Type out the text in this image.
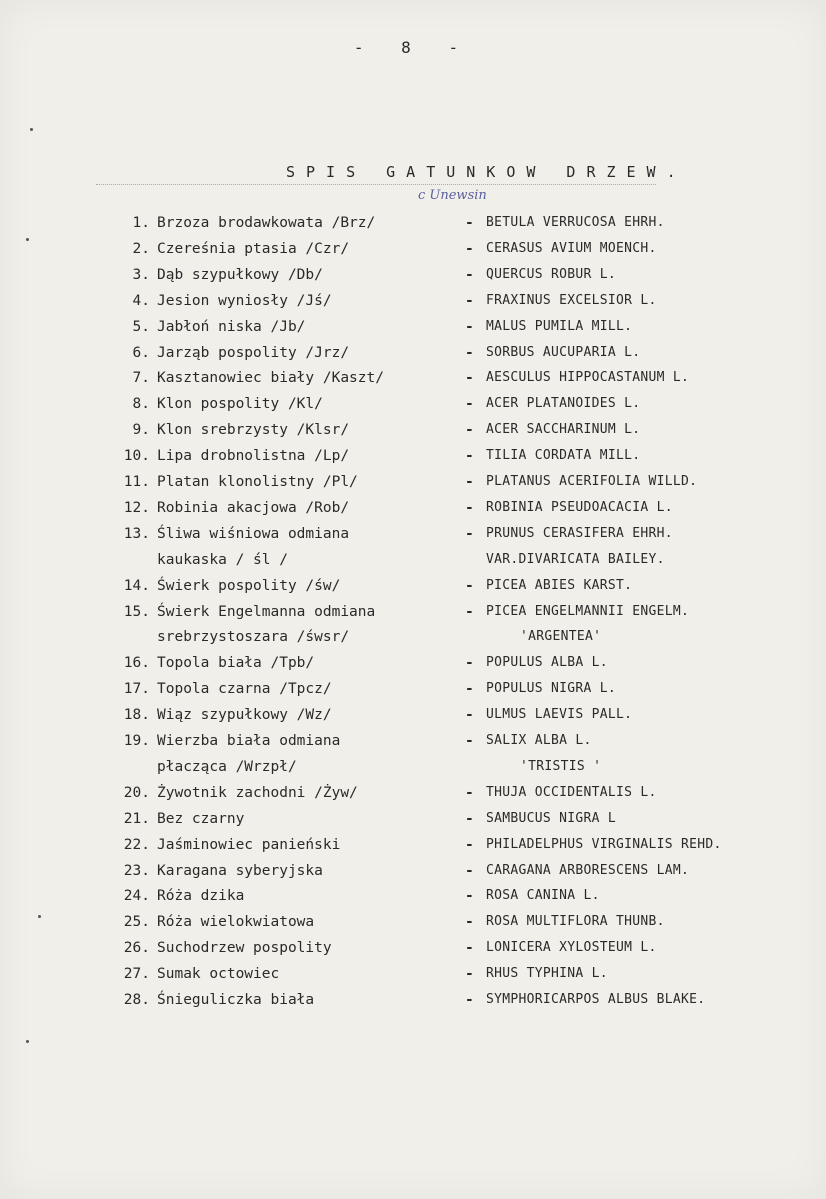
- 8 -
SPIS GATUNKOW DRZEW.
c Unewsin
1. Brzoza brodawkowata /Brz/	- BETULA VERRUCOSA EHRH.
2. Czereśnia ptasia /Czr/	- CERASUS AVIUM MOENCH.
3. Dąb szypułkowy /Db/	- QUERCUS ROBUR L.
4. Jesion wyniosły /Jś/	- FRAXINUS EXCELSIOR L.
5. Jabłoń niska /Jb/	- MALUS PUMILA MILL.
6. Jarząb pospolity /Jrz/	- SORBUS AUCUPARIA L.
7. Kasztanowiec biały /Kaszt/	- AESCULUS HIPPOCASTANUM L.
8. Klon pospolity /Kl/	- ACER PLATANOIDES L.
9. Klon srebrzysty /Klsr/	- ACER SACCHARINUM L.
10. Lipa drobnolistna /Lp/	- TILIA CORDATA MILL.
11. Platan klonolistny /Pl/	- PLATANUS ACERIFOLIA WILLD.
12. Robinia akacjowa /Rob/	- ROBINIA PSEUDOACACIA L.
13. Śliwa wiśniowa odmiana	- PRUNUS CERASIFERA EHRH.
kaukaska / śl /	VAR.DIVARICATA BAILEY.
14. Świerk pospolity /św/	- PICEA ABIES KARST.
15. Świerk Engelmanna odmiana	- PICEA ENGELMANNII ENGELM.
srebrzystoszara /śwsr/	'ARGENTEA'
16. Topola biała /Tpb/	- POPULUS ALBA L.
17. Topola czarna /Tpcz/	- POPULUS NIGRA L.
18. Wiąz szypułkowy /Wz/	- ULMUS LAEVIS PALL.
19. Wierzba biała odmiana	- SALIX ALBA L.
płacząca /Wrzpł/	'TRISTIS '
20. Żywotnik zachodni /Żyw/	- THUJA OCCIDENTALIS L.
21. Bez czarny	- SAMBUCUS NIGRA L
22. Jaśminowiec panieński	- PHILADELPHUS VIRGINALIS REHD.
23. Karagana syberyjska	- CARAGANA ARBORESCENS LAM.
24. Róża dzika	- ROSA CANINA L.
25. Róża wielokwiatowa	- ROSA MULTIFLORA THUNB.
26. Suchodrzew pospolity	- LONICERA XYLOSTEUM L.
27. Sumak octowiec	- RHUS TYPHINA L.
28. Śnieguliczka biała	- SYMPHORICARPOS ALBUS BLAKE.
